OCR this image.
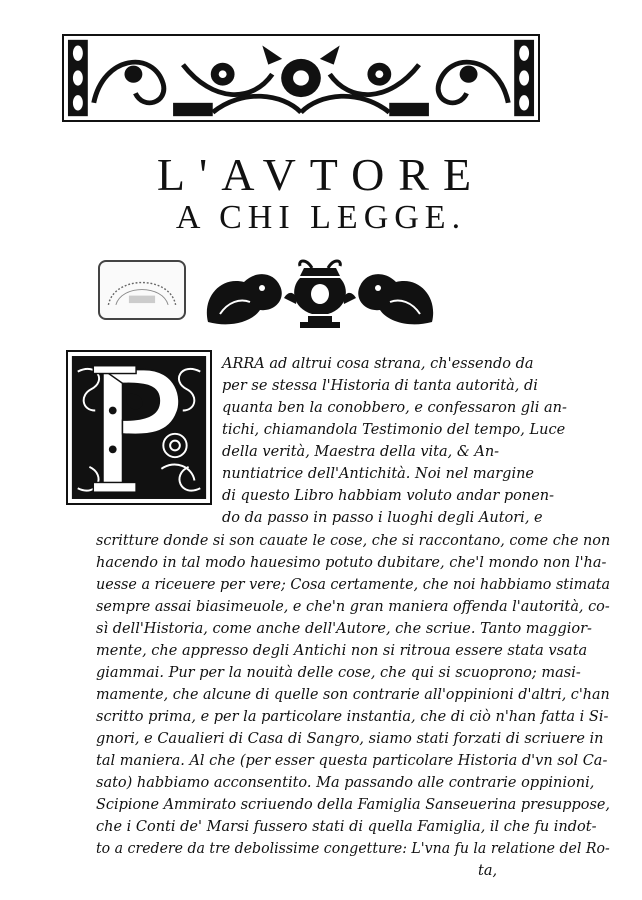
L'AVTORE
A CHI LEGGE.
ARRA ad altrui cosa strana, ch'essendo da
per se stessa l'Historia di tanta autorità, di
quanta ben la conobbero, e confessaron gli an-
tichi, chiamandola Testimonio del tempo, Luce
della verità, Maestra della vita, & An-
nuntiatrice dell'Antichità. Noi nel margine
di questo Libro habbiam voluto andar ponen-
do da passo in passo i luoghi degli Autori, e
scritture donde si son cauate le cose, che si raccontano, come che non
hacendo in tal modo hauesimo potuto dubitare, che'l mondo non l'ha-
uesse a riceuere per vere; Cosa certamente, che noi habbiamo stimata
sempre assai biasimeuole, e che'n gran maniera offenda l'autorità, co-
sì dell'Historia, come anche dell'Autore, che scriue. Tanto maggior-
mente, che appresso degli Antichi non si ritroua essere stata vsata
giammai. Pur per la nouità delle cose, che qui si scuoprono; masi-
mamente, che alcune di quelle son contrarie all'oppinioni d'altri, c'han
scritto prima, e per la particolare instantia, che di ciò n'han fatta i Si-
gnori, e Caualieri di Casa di Sangro, siamo stati forzati di scriuere in
tal maniera. Al che (per esser questa particolare Historia d'vn sol Ca-
sato) habbiamo acconsentito. Ma passando alle contrarie oppinioni,
Scipione Ammirato scriuendo della Famiglia Sanseuerina presuppose,
che i Conti de' Marsi fussero stati di quella Famiglia, il che fu indot-
to a credere da tre debolissime congetture: L'vna fu la relatione del Ro-
ta,
